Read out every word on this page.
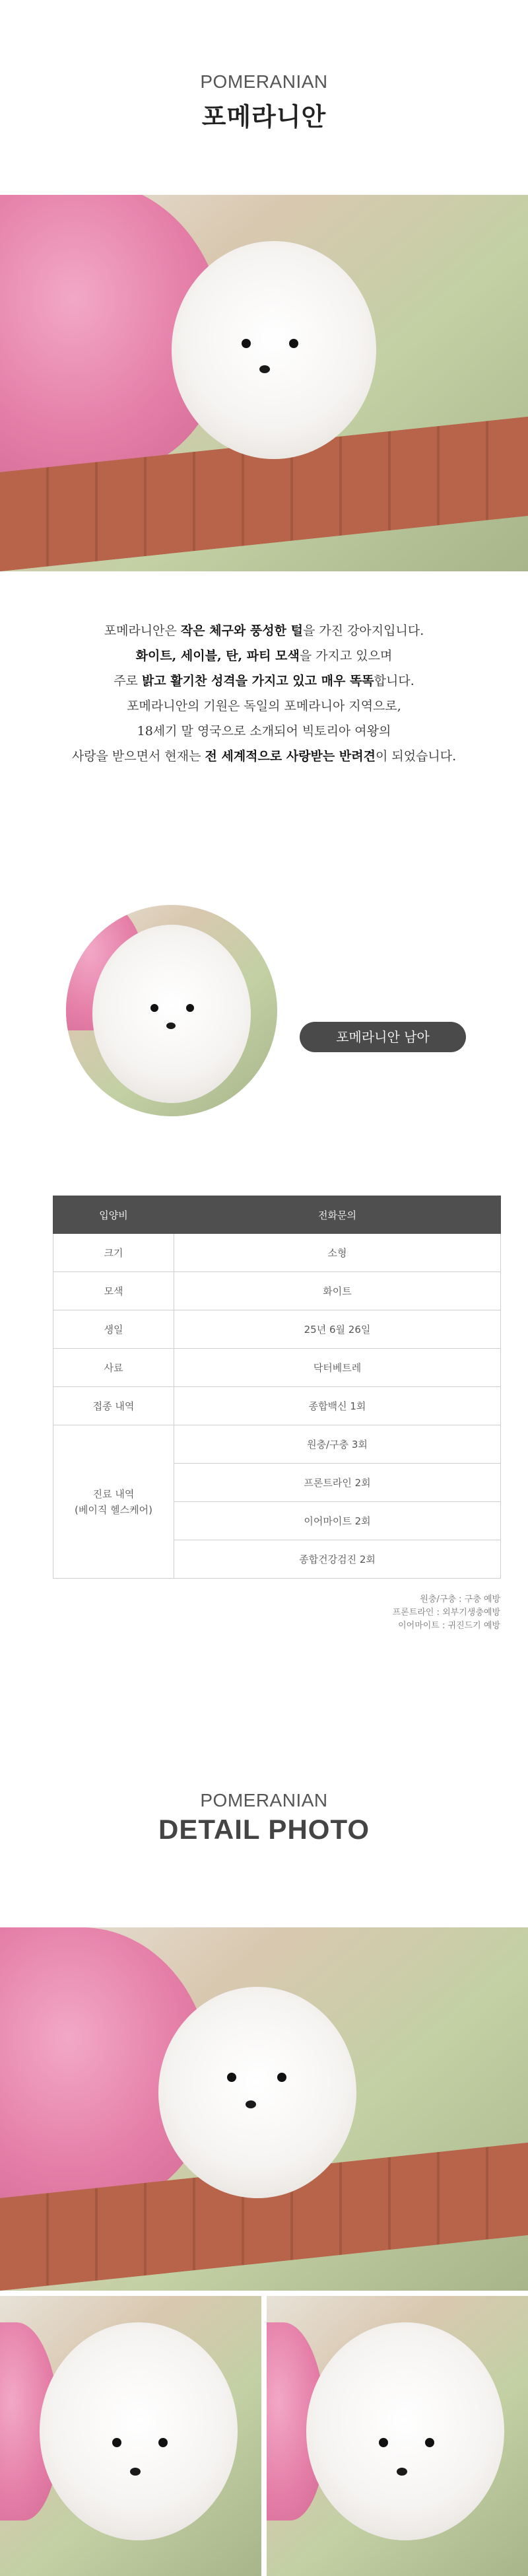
POMERANIAN
포메라니안
포메라니안은 작은 체구와 풍성한 털을 가진 강아지입니다.
화이트, 세이블, 탄, 파티 모색을 가지고 있으며
주로 밝고 활기찬 성격을 가지고 있고 매우 똑똑합니다.
포메라니안의 기원은 독일의 포메라니아 지역으로,
18세기 말 영국으로 소개되어 빅토리아 여왕의
사랑을 받으면서 현재는 전 세계적으로 사랑받는 반려견이 되었습니다.
포메라니안 남아
입양비	전화문의
크기	소형
모색	화이트
생일	25년 6월 26일
사료	닥터베트레
접종 내역	종합백신 1회

진료 내역
(베이직 헬스케어)	원충/구충 3회
	프론트라인 2회
	이어마이트 2회
	종합건강검진 2회
원충/구충 : 구충 예방
프론트라인 : 외부기생충예방
이어마이트 : 귀진드기 예방
POMERANIAN
DETAIL PHOTO
